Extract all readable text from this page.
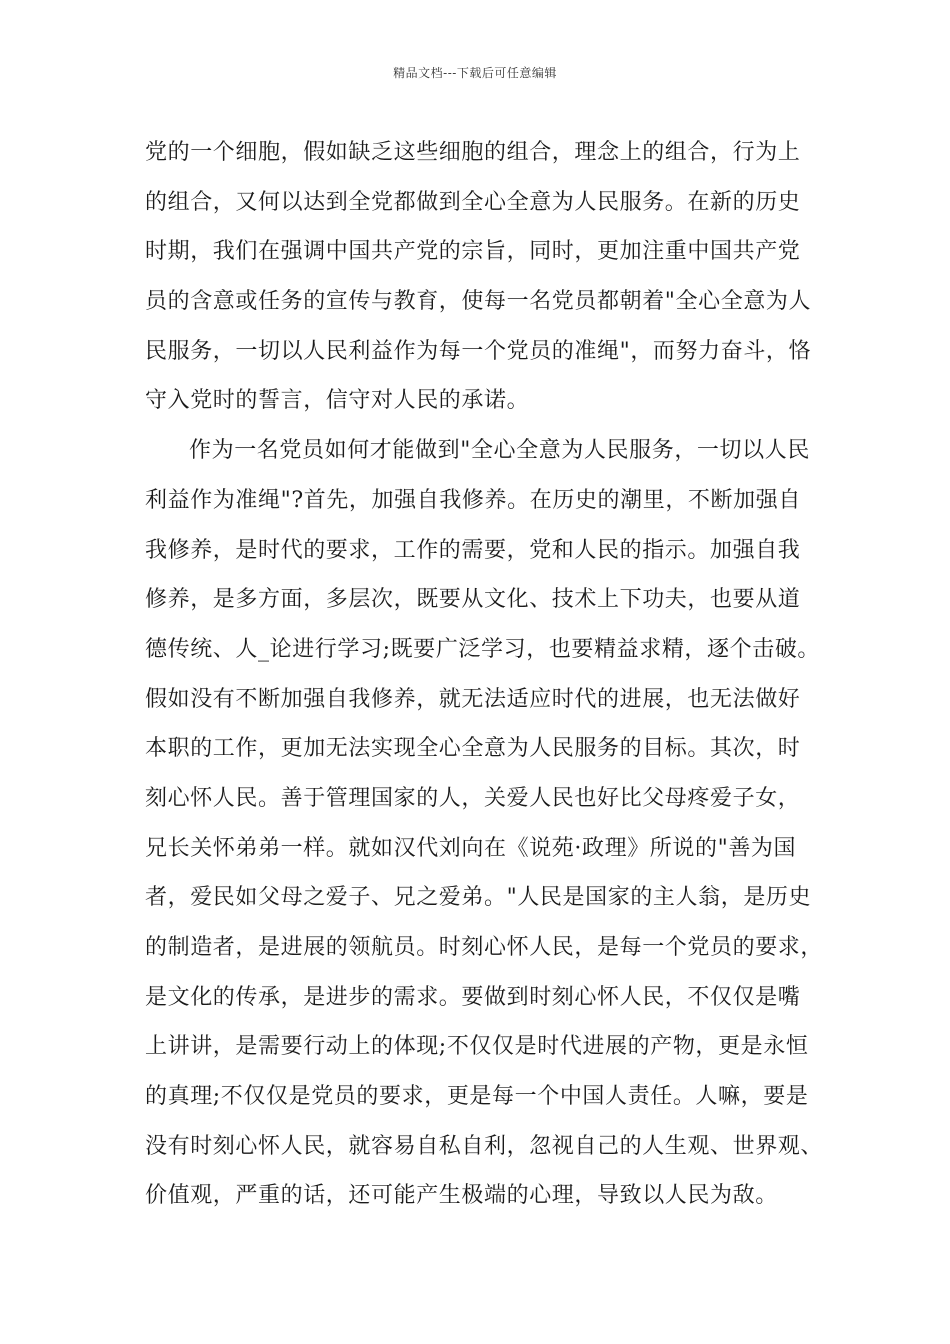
精品文档---下载后可任意编辑
党的一个细胞，假如缺乏这些细胞的组合，理念上的组合，行为上
的组合，又何以达到全党都做到全心全意为人民服务。在新的历史
时期，我们在强调中国共产党的宗旨，同时，更加注重中国共产党
员的含意或任务的宣传与教育，使每一名党员都朝着"全心全意为人
民服务，一切以人民利益作为每一个党员的准绳"，而努力奋斗，恪
守入党时的誓言，信守对人民的承诺。
作为一名党员如何才能做到"全心全意为人民服务，一切以人民
利益作为准绳"?首先，加强自我修养。在历史的潮里，不断加强自
我修养，是时代的要求，工作的需要，党和人民的指示。加强自我
修养，是多方面，多层次，既要从文化、技术上下功夫，也要从道
德传统、人_论进行学习;既要广泛学习，也要精益求精，逐个击破。
假如没有不断加强自我修养，就无法适应时代的进展，也无法做好
本职的工作，更加无法实现全心全意为人民服务的目标。其次，时
刻心怀人民。善于管理国家的人，关爱人民也好比父母疼爱子女，
兄长关怀弟弟一样。就如汉代刘向在《说苑·政理》所说的"善为国
者，爱民如父母之爱子、兄之爱弟。"人民是国家的主人翁，是历史
的制造者，是进展的领航员。时刻心怀人民，是每一个党员的要求，
是文化的传承，是进步的需求。要做到时刻心怀人民，不仅仅是嘴
上讲讲，是需要行动上的体现;不仅仅是时代进展的产物，更是永恒
的真理;不仅仅是党员的要求，更是每一个中国人责任。人嘛，要是
没有时刻心怀人民，就容易自私自利，忽视自己的人生观、世界观、
价值观，严重的话，还可能产生极端的心理，导致以人民为敌。
